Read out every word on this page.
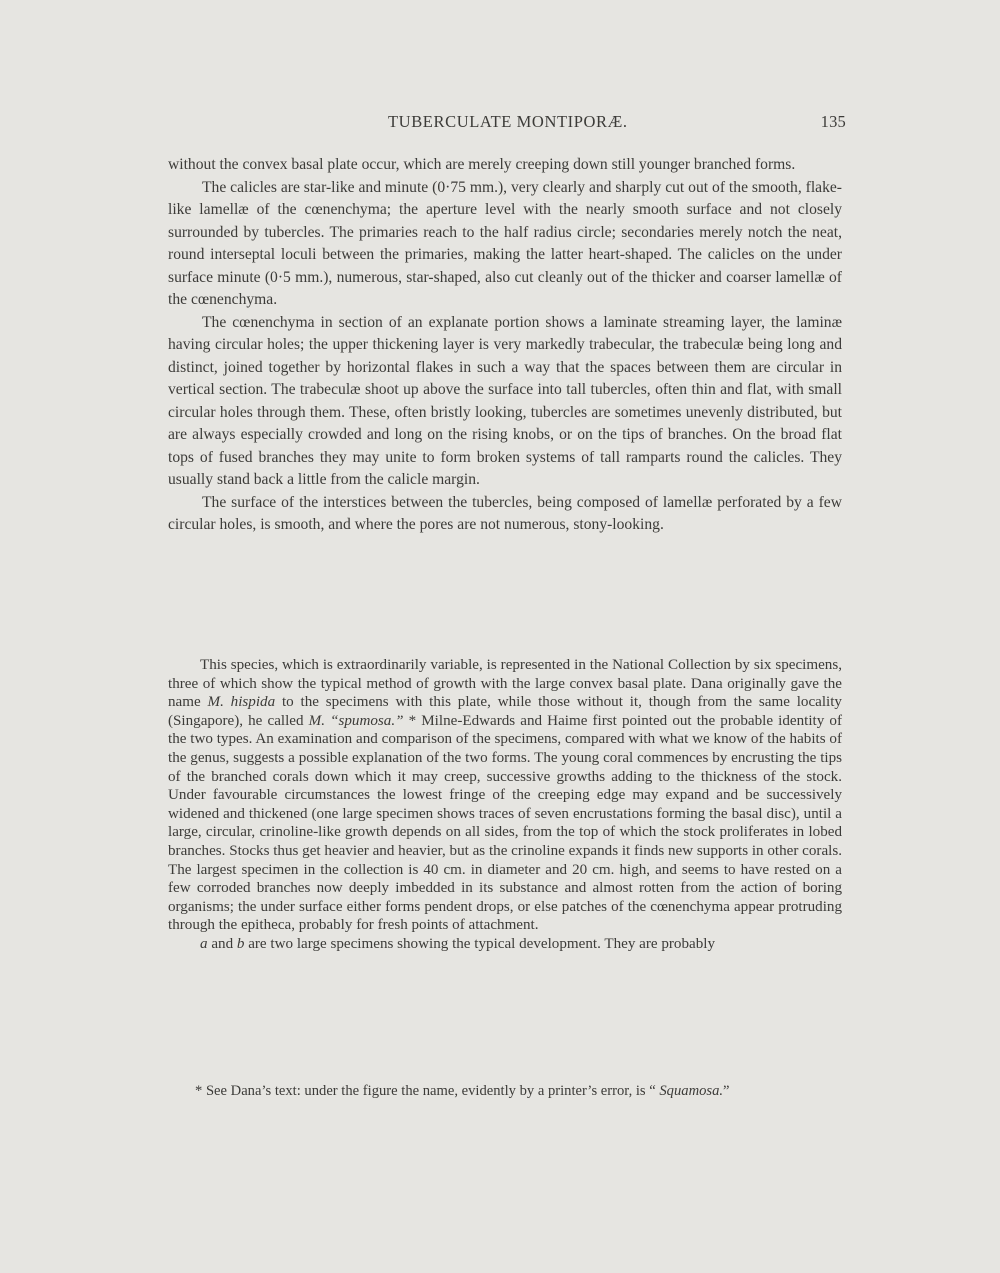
TUBERCULATE MONTIPORÆ.	135

without the convex basal plate occur, which are merely creeping down still younger branched forms.

The calicles are star-like and minute (0·75 mm.), very clearly and sharply cut out of the smooth, flake-like lamellæ of the cœnenchyma; the aperture level with the nearly smooth surface and not closely surrounded by tubercles. The primaries reach to the half radius circle; secondaries merely notch the neat, round interseptal loculi between the primaries, making the latter heart-shaped. The calicles on the under surface minute (0·5 mm.), numerous, star-shaped, also cut cleanly out of the thicker and coarser lamellæ of the cœnenchyma.

The cœnenchyma in section of an explanate portion shows a laminate streaming layer, the laminæ having circular holes; the upper thickening layer is very markedly trabecular, the trabeculæ being long and distinct, joined together by horizontal flakes in such a way that the spaces between them are circular in vertical section. The trabeculæ shoot up above the surface into tall tubercles, often thin and flat, with small circular holes through them. These, often bristly looking, tubercles are sometimes unevenly distributed, but are always especially crowded and long on the rising knobs, or on the tips of branches. On the broad flat tops of fused branches they may unite to form broken systems of tall ramparts round the calicles. They usually stand back a little from the calicle margin.

The surface of the interstices between the tubercles, being composed of lamellæ perforated by a few circular holes, is smooth, and where the pores are not numerous, stony-looking.

This species, which is extraordinarily variable, is represented in the National Collection by six specimens, three of which show the typical method of growth with the large convex basal plate. Dana originally gave the name M. hispida to the specimens with this plate, while those without it, though from the same locality (Singapore), he called M. “spumosa.” * Milne-Edwards and Haime first pointed out the probable identity of the two types. An examination and comparison of the specimens, compared with what we know of the habits of the genus, suggests a possible explanation of the two forms. The young coral commences by encrusting the tips of the branched corals down which it may creep, successive growths adding to the thickness of the stock. Under favourable circumstances the lowest fringe of the creeping edge may expand and be successively widened and thickened (one large specimen shows traces of seven encrustations forming the basal disc), until a large, circular, crinoline-like growth depends on all sides, from the top of which the stock proliferates in lobed branches. Stocks thus get heavier and heavier, but as the crinoline expands it finds new supports in other corals. The largest specimen in the collection is 40 cm. in diameter and 20 cm. high, and seems to have rested on a few corroded branches now deeply imbedded in its substance and almost rotten from the action of boring organisms; the under surface either forms pendent drops, or else patches of the cœnenchyma appear protruding through the epitheca, probably for fresh points of attachment.

a and b are two large specimens showing the typical development. They are probably

* See Dana’s text: under the figure the name, evidently by a printer’s error, is “ Squamosa.”
